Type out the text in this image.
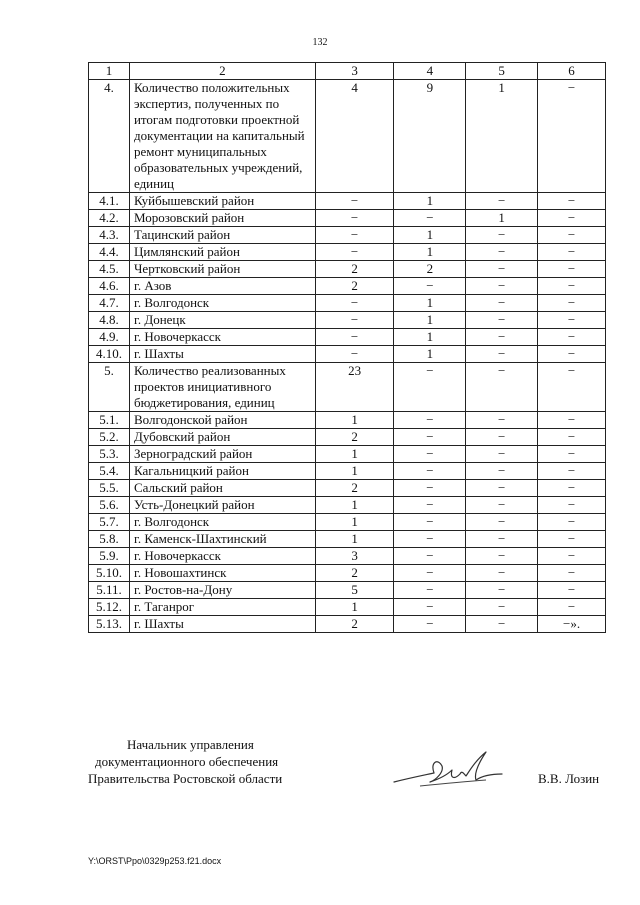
132
1	2	3	4	5	6
4.	Количество положительных экспертиз, полученных по итогам подготовки проектной документации на капитальный ремонт муниципальных образовательных учреждений, единиц	4	9	1	−
4.1.	Куйбышевский район	−	1	−	−
4.2.	Морозовский район	−	−	1	−
4.3.	Тацинский район	−	1	−	−
4.4.	Цимлянский район	−	1	−	−
4.5.	Чертковский район	2	2	−	−
4.6.	г. Азов	2	−	−	−
4.7.	г. Волгодонск	−	1	−	−
4.8.	г. Донецк	−	1	−	−
4.9.	г. Новочеркасск	−	1	−	−
4.10.	г. Шахты	−	1	−	−
5.	Количество реализованных проектов инициативного бюджетирования, единиц	23	−	−	−
5.1.	Волгодонской район	1	−	−	−
5.2.	Дубовский район	2	−	−	−
5.3.	Зерноградский район	1	−	−	−
5.4.	Кагальницкий район	1	−	−	−
5.5.	Сальский район	2	−	−	−
5.6.	Усть-Донецкий район	1	−	−	−
5.7.	г. Волгодонск	1	−	−	−
5.8.	г. Каменск-Шахтинский	1	−	−	−
5.9.	г. Новочеркасск	3	−	−	−
5.10.	г. Новошахтинск	2	−	−	−
5.11.	г. Ростов-на-Дону	5	−	−	−
5.12.	г. Таганрог	1	−	−	−
5.13.	г. Шахты	2	−	−	−».
Начальник управления
документационного обеспечения
Правительства Ростовской области	В.В. Лозин
Y:\ORST\Ppo\0329p253.f21.docx
